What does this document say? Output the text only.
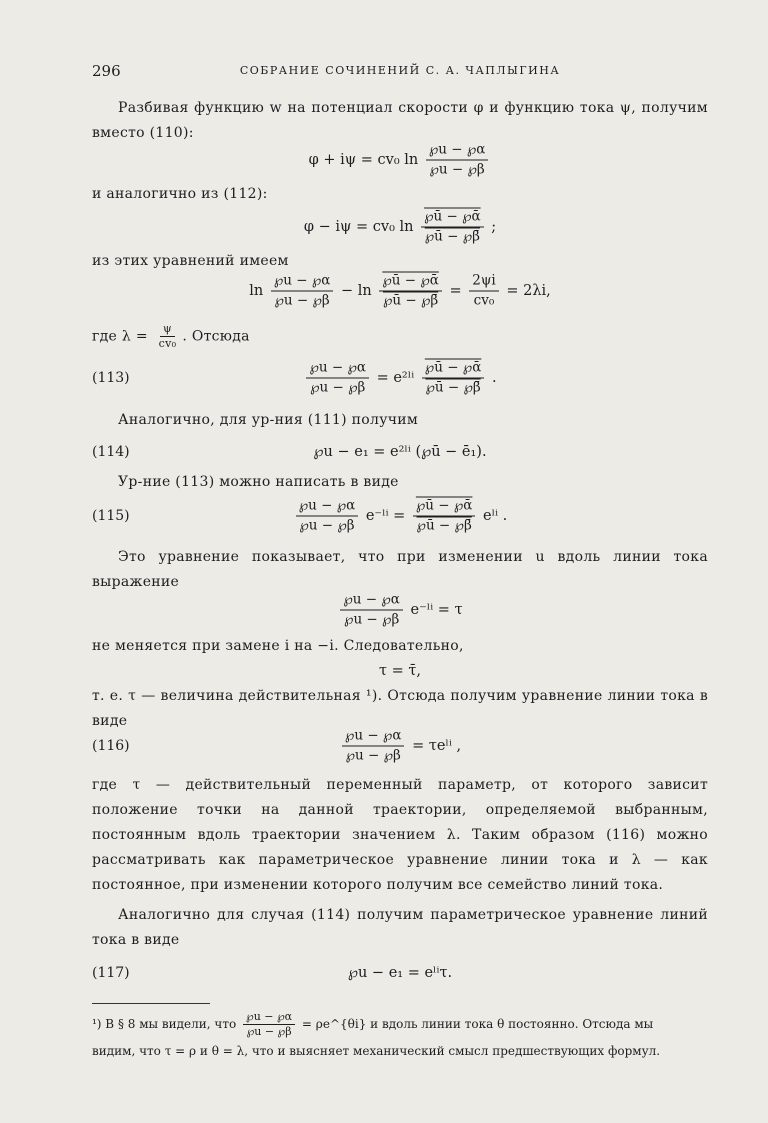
296	СОБРАНИЕ СОЧИНЕНИЙ С. А. ЧАПЛЫГИНА
Разбивая функцию w на потенциал скорости φ и функцию тока ψ, получим вместо (110):
φ + iψ = cv₀ $\ln \frac{℘u - ℘\alpha}{℘u - ℘\beta}$
и аналогично из (112):
φ − iψ = cv₀ $\ln \frac{\text{℘ū − ℘ᾱ}}{℘ū - ℘\betā}$ ;
из этих уравнений имеем
$\ln \frac{℘u - ℘\alpha}{℘u - ℘\beta} - \ln \frac{\text{℘ū − ℘ᾱ}}{℘ū - ℘\betā} = \frac{2\psi i}{\text{cv₀}} = 2\lambda i$,
где $\lambda = \frac{\psi}{\text{cv₀}}$ . Отсюда
(113)	$\frac{℘u - ℘\alpha}{℘u - ℘\beta}$ = e²ˡⁱ $\frac{\text{℘ū − ℘ᾱ}}{℘ū - ℘\betā}$ .
Аналогично, для ур-ния (111) получим
(114)	℘u − e₁ = e²ˡⁱ (℘ū − ē₁).
Ур-ние (113) можно написать в виде
(115)	$\frac{℘u - ℘\alpha}{℘u - ℘\beta}$ e⁻ˡⁱ = $\frac{\text{℘ū − ℘ᾱ}}{℘ū - ℘\betā}$ eˡⁱ .
Это уравнение показывает, что при изменении u вдоль линии тока выражение
$\frac{℘u - ℘\alpha}{℘u - ℘\beta}$ e⁻ˡⁱ = τ
не меняется при замене i на −i. Следовательно,
τ = τ̄,
т. е. τ — величина действительная ¹). Отсюда получим уравнение линии тока в виде
(116)	$\frac{℘u - ℘\alpha}{℘u - ℘\beta}$ = τeˡⁱ ,
где τ — действительный переменный параметр, от которого зависит положение точки на данной траектории, определяемой выбранным, постоянным вдоль траектории значением λ. Таким образом (116) можно рассматривать как параметрическое уравнение линии тока и λ — как постоянное, при изменении которого получим все семейство линий тока.
Аналогично для случая (114) получим параметрическое уравнение линий тока в виде
(117)	℘u − e₁ = eˡⁱτ.
¹) В § 8 мы видели, что $\frac{℘u - ℘\alpha}{℘u - ℘\beta}$ = ρe^{θi} и вдоль линии тока θ постоянно. Отсюда мы
видим, что τ = ρ и θ = λ, что и выясняет механический смысл предшествующих формул.
